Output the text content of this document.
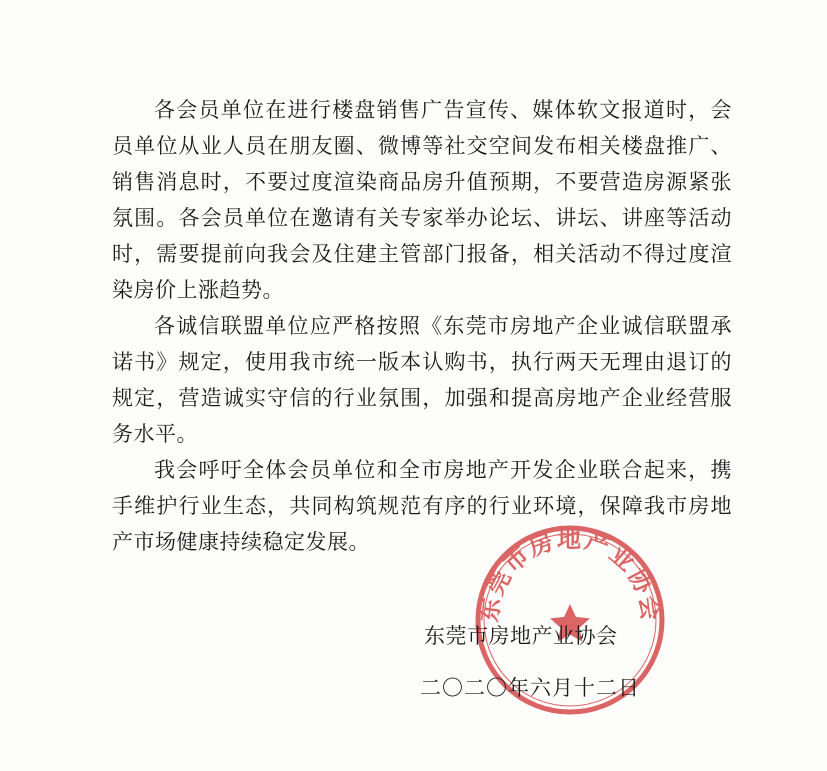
各会员单位在进行楼盘销售广告宣传、媒体软文报道时，会员单位从业人员在朋友圈、微博等社交空间发布相关楼盘推广、销售消息时，不要过度渲染商品房升值预期，不要营造房源紧张氛围。各会员单位在邀请有关专家举办论坛、讲坛、讲座等活动时，需要提前向我会及住建主管部门报备，相关活动不得过度渲染房价上涨趋势。

各诚信联盟单位应严格按照《东莞市房地产企业诚信联盟承诺书》规定，使用我市统一版本认购书，执行两天无理由退订的规定，营造诚实守信的行业氛围，加强和提高房地产企业经营服务水平。

我会呼吁全体会员单位和全市房地产开发企业联合起来，携手维护行业生态，共同构筑规范有序的行业环境，保障我市房地产市场健康持续稳定发展。

东莞市房地产业协会
东莞市房地产业协会
二〇二〇年六月十二日
